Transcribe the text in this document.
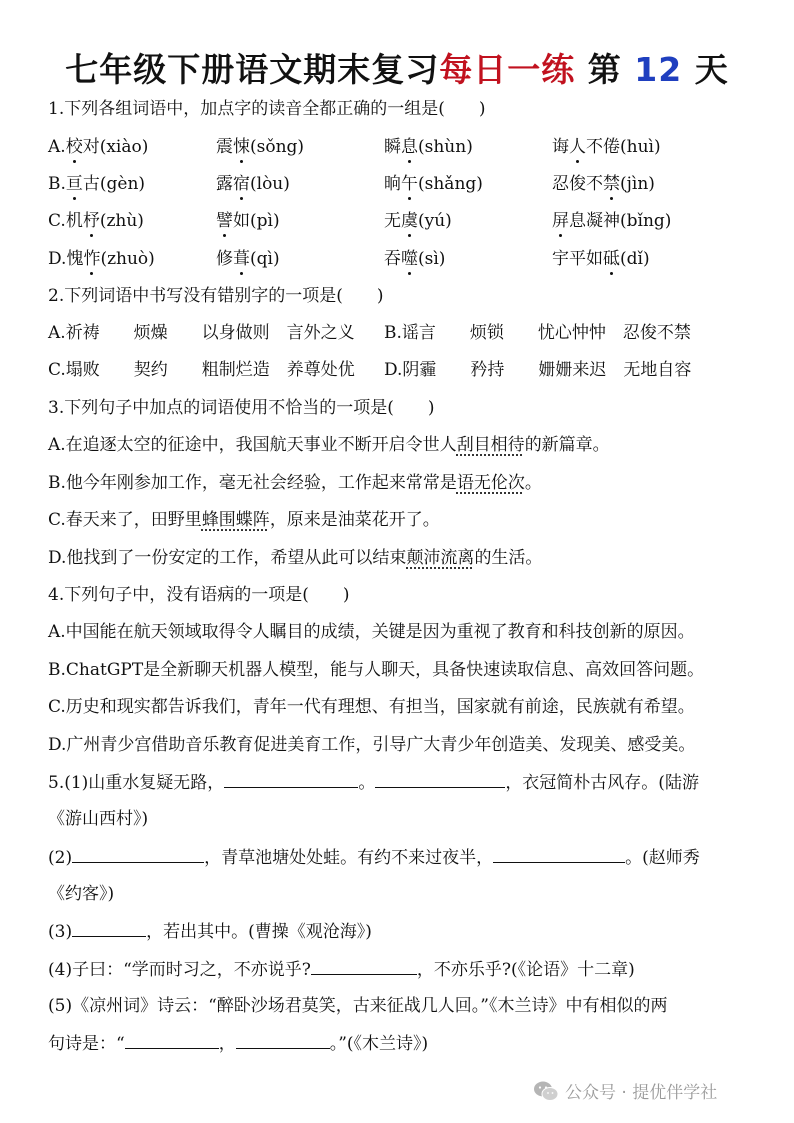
七年级下册语文期末复习每日一练 第 12 天
1.下列各组词语中，加点字的读音全都正确的一组是(　　)
A.校对(xiào)	震悚(sǒng)	瞬息(shùn)	诲人不倦(huì)
B.亘古(gèn)	露宿(lòu)	晌午(shǎng)	忍俊不禁(jìn)
C.机杼(zhù)	譬如(pì)	无虞(yú)	屏息凝神(bǐng)
D.愧怍(zhuò)	修葺(qì)	吞噬(sì)	宇平如砥(dǐ)
2.下列词语中书写没有错别字的一项是(　　)
A.祈祷　　烦燥　　以身做则　言外之义 B.谣言　　烦锁　　忧心忡忡　忍俊不禁
C.塌败　　契约　　粗制烂造　养尊处优 D.阴霾　　矜持　　姗姗来迟　无地自容
3.下列句子中加点的词语使用不恰当的一项是(　　)
A.在追逐太空的征途中，我国航天事业不断开启令世人刮目相待的新篇章。
B.他今年刚参加工作，毫无社会经验，工作起来常常是语无伦次。
C.春天来了，田野里蜂围蝶阵，原来是油菜花开了。
D.他找到了一份安定的工作，希望从此可以结束颠沛流离的生活。
4.下列句子中，没有语病的一项是(　　)
A.中国能在航天领域取得令人瞩目的成绩，关键是因为重视了教育和科技创新的原因。
B.ChatGPT是全新聊天机器人模型，能与人聊天，具备快速读取信息、高效回答问题。
C.历史和现实都告诉我们，青年一代有理想、有担当，国家就有前途，民族就有希望。
D.广州青少宫借助音乐教育促进美育工作，引导广大青少年创造美、发现美、感受美。
5.(1)山重水复疑无路，	。	，衣冠简朴古风存。(陆游
《游山西村》)
(2)	，青草池塘处处蛙。有约不来过夜半，	。(赵师秀
《约客》)
(3)	，若出其中。(曹操《观沧海》)
(4)子曰：“学而时习之，不亦说乎?	，不亦乐乎?(《论语》十二章)
(5)《凉州词》诗云：“醉卧沙场君莫笑，古来征战几人回。”《木兰诗》中有相似的两
句诗是：“	，	。”(《木兰诗》)
公众号 · 提优伴学社
